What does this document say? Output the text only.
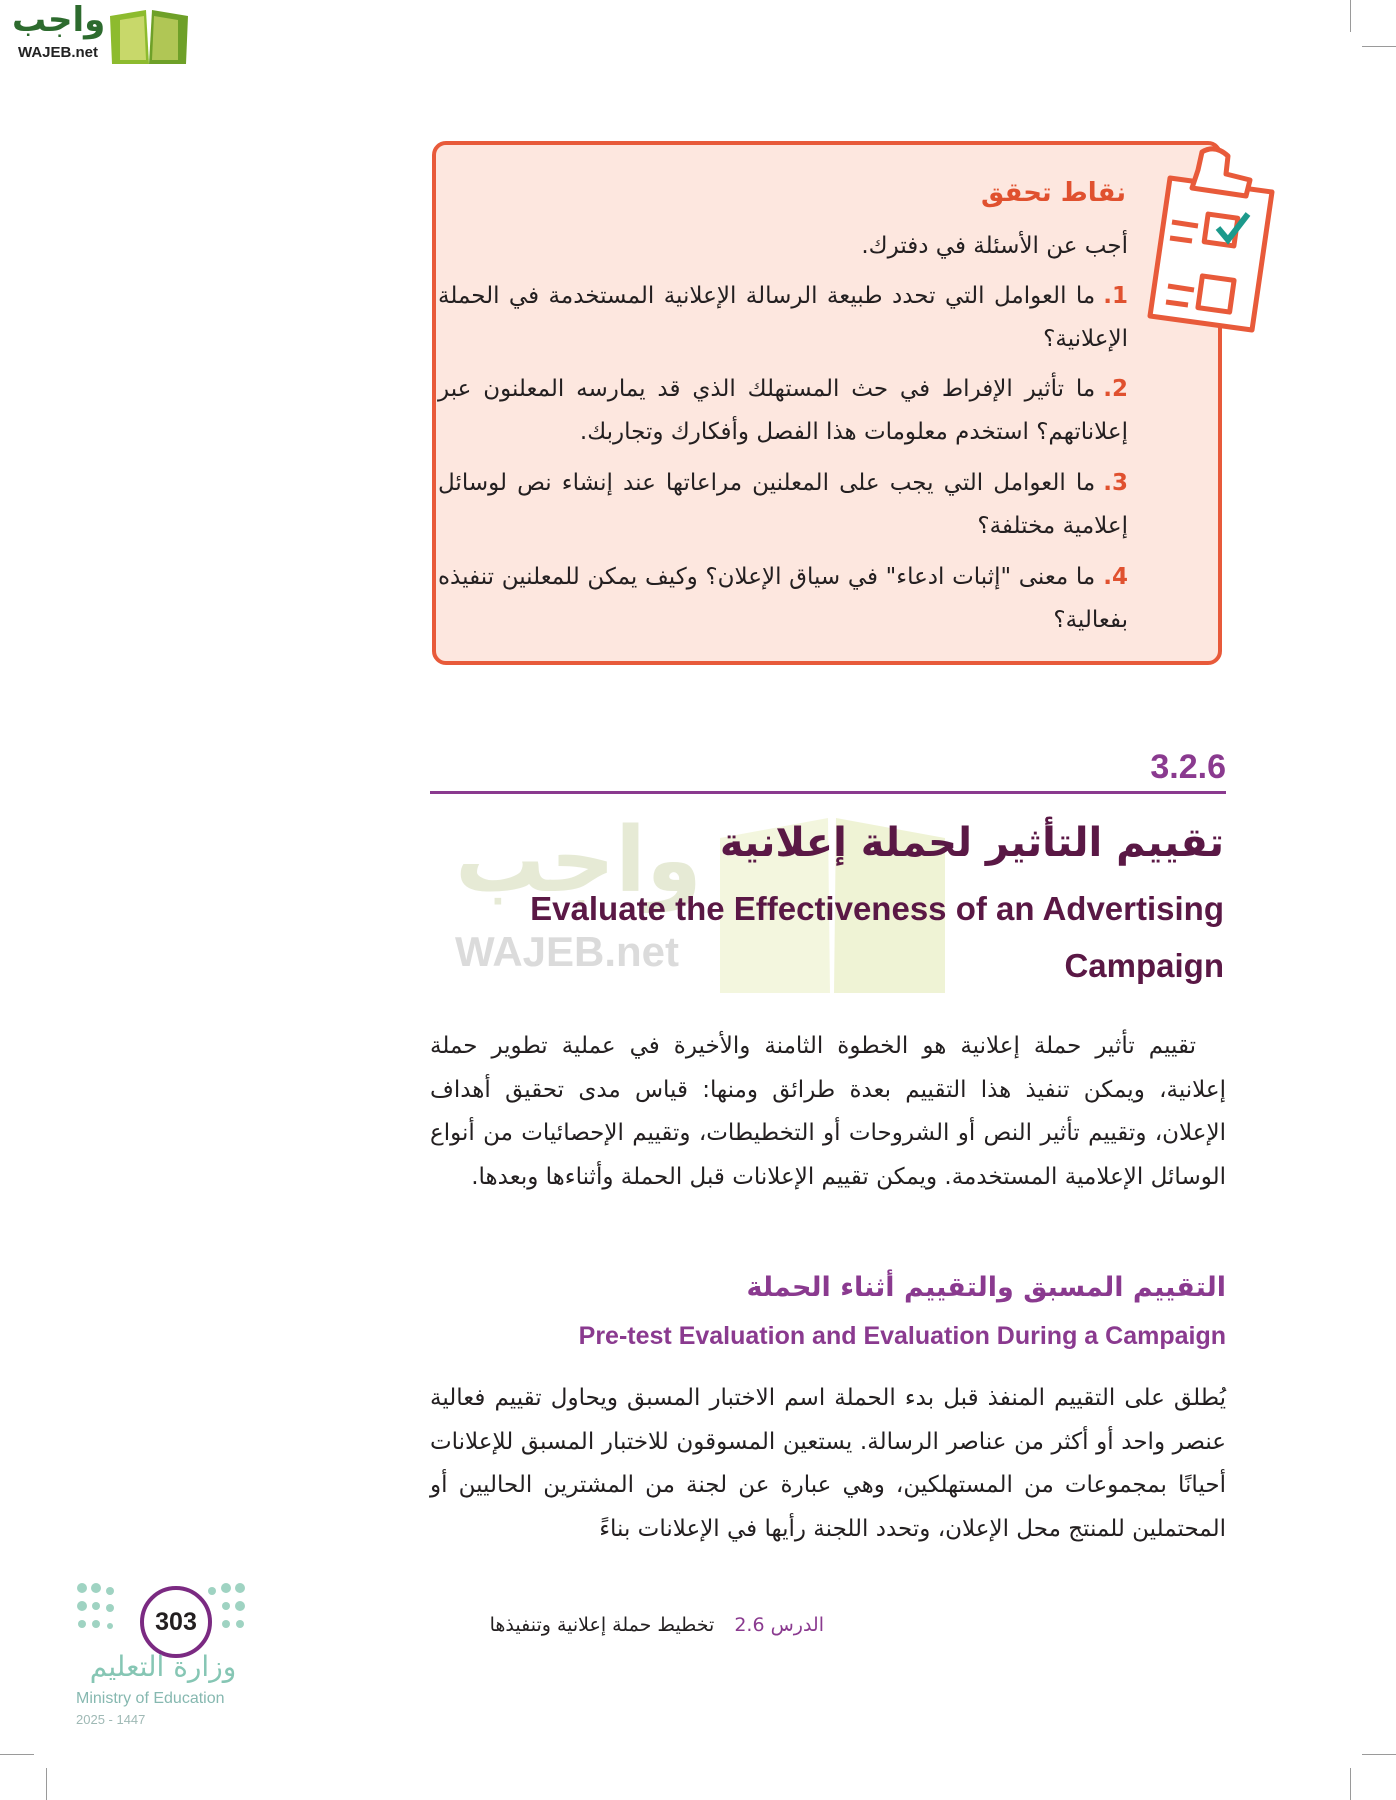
واجب
WAJEB.net
نقاط تحقق
أجب عن الأسئلة في دفترك.
1.ما العوامل التي تحدد طبيعة الرسالة الإعلانية المستخدمة في الحملة الإعلانية؟
2.ما تأثير الإفراط في حث المستهلك الذي قد يمارسه المعلنون عبر إعلاناتهم؟ استخدم معلومات هذا الفصل وأفكارك وتجاربك.
3.ما العوامل التي يجب على المعلنين مراعاتها عند إنشاء نص لوسائل إعلامية مختلفة؟
4.ما معنى "إثبات ادعاء" في سياق الإعلان؟ وكيف يمكن للمعلنين تنفيذه بفعالية؟
3.2.6
واجب
WAJEB.net
تقييم التأثير لحملة إعلانية
Evaluate the Effectiveness of an Advertising Campaign
تقييم تأثير حملة إعلانية هو الخطوة الثامنة والأخيرة في عملية تطوير حملة إعلانية، ويمكن تنفيذ هذا التقييم بعدة طرائق ومنها: قياس مدى تحقيق أهداف الإعلان، وتقييم تأثير النص أو الشروحات أو التخطيطات، وتقييم الإحصائيات من أنواع الوسائل الإعلامية المستخدمة. ويمكن تقييم الإعلانات قبل الحملة وأثناءها وبعدها.
التقييم المسبق والتقييم أثناء الحملة
Pre-test Evaluation and Evaluation During a Campaign
يُطلق على التقييم المنفذ قبل بدء الحملة اسم الاختبار المسبق ويحاول تقييم فعالية عنصر واحد أو أكثر من عناصر الرسالة. يستعين المسوقون للاختبار المسبق للإعلانات أحيانًا بمجموعات من المستهلكين، وهي عبارة عن لجنة من المشترين الحاليين أو المحتملين للمنتج محل الإعلان، وتحدد اللجنة رأيها في الإعلانات بناءً
303
وزارة التعليم
Ministry of Education
2025 - 1447
الدرس 2.6تخطيط حملة إعلانية وتنفيذها
